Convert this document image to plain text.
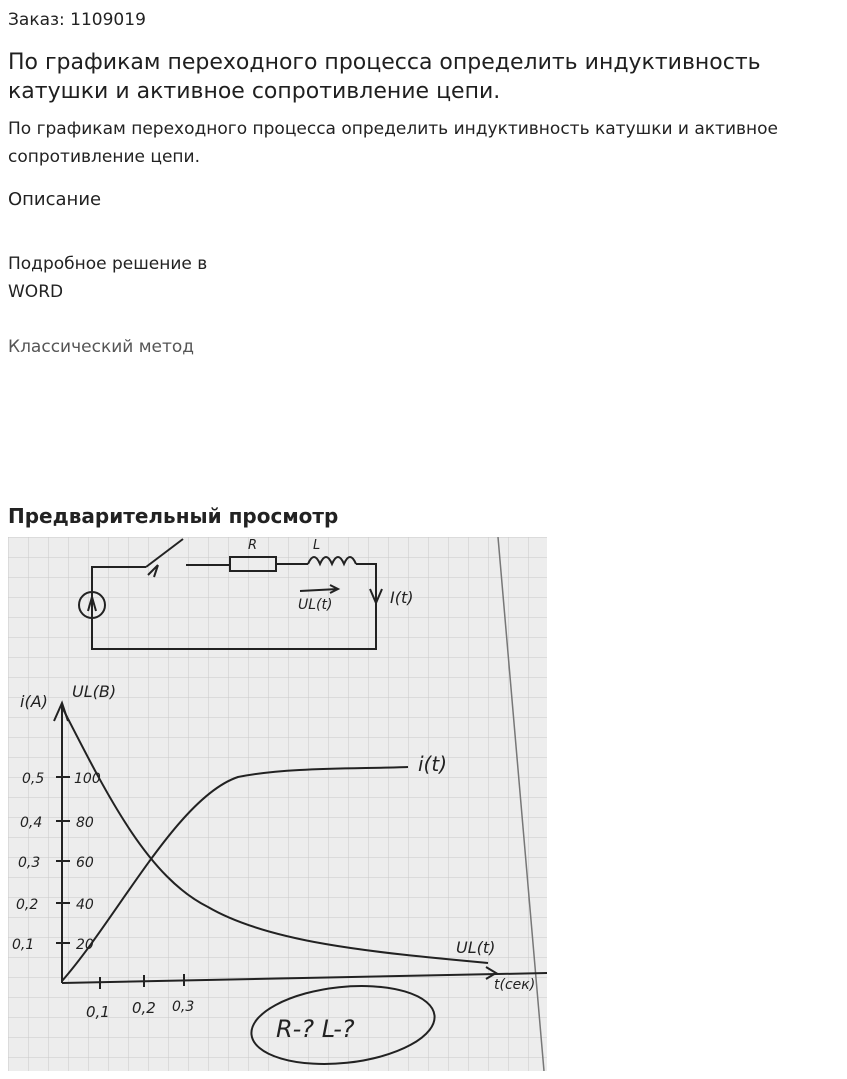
Заказ: 1109019
По графикам переходного процесса определить индуктивность катушки и активное сопротивление цепи.
По графикам переходного процесса определить индуктивность катушки и активное сопротивление цепи.
Описание
Подробное решение в WORD
Классический метод
Предварительный просмотр
R	L
UL(t)	I(t)
i(A)
UL(B)
t(сек)
0,5
0,4
0,3
0,2
0,1
100
80
60
40
20
0,1 0,2 0,3
i(t)
UL(t)
R-? L-?
